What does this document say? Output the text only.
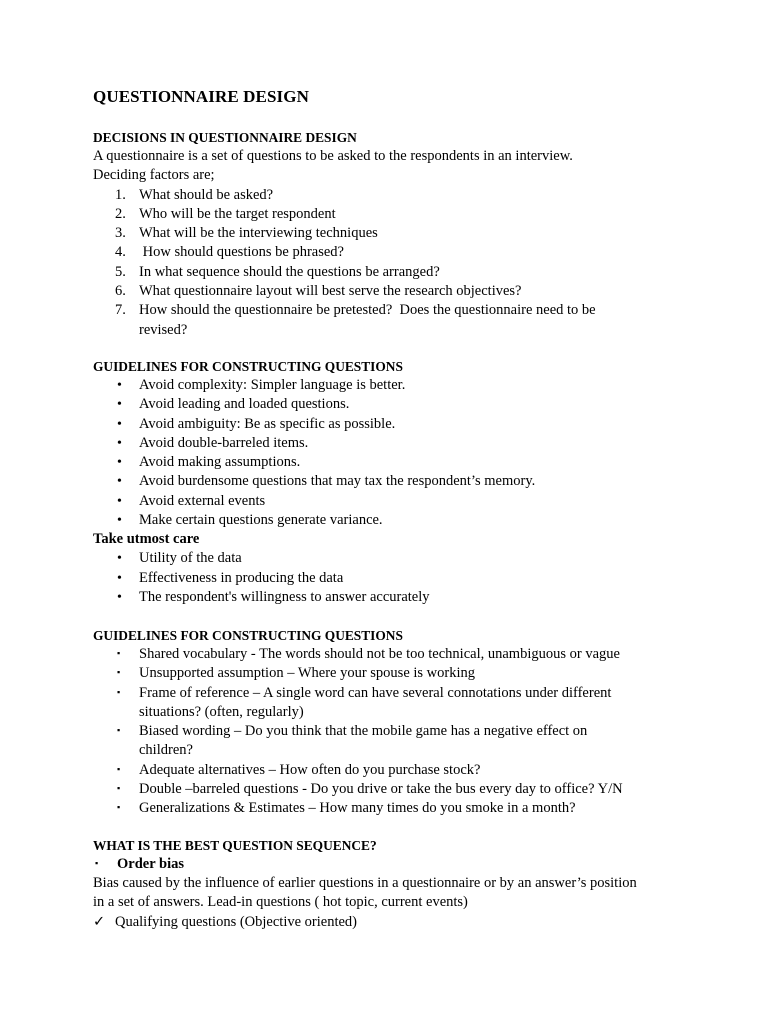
QUESTIONNAIRE DESIGN
DECISIONS IN QUESTIONNAIRE DESIGN
A questionnaire is a set of questions to be asked to the respondents in an interview.
Deciding factors are;
1. What should be asked?
2. Who will be the target respondent
3. What will be the interviewing techniques
4. How should questions be phrased?
5. In what sequence should the questions be arranged?
6. What questionnaire layout will best serve the research objectives?
7. How should the questionnaire be pretested?  Does the questionnaire need to be
revised?
GUIDELINES FOR CONSTRUCTING QUESTIONS
•	Avoid complexity: Simpler language is better.
•	Avoid leading and loaded questions.
•	Avoid ambiguity: Be as specific as possible.
•	Avoid double-barreled items.
•	Avoid making assumptions.
•	Avoid burdensome questions that may tax the respondent’s memory.
•	Avoid external events
•	Make certain questions generate variance.
Take utmost care
•	Utility of the data
•	Effectiveness in producing the data
•	The respondent's willingness to answer accurately
GUIDELINES FOR CONSTRUCTING QUESTIONS
▪	Shared vocabulary - The words should not be too technical, unambiguous or vague
▪	Unsupported assumption – Where your spouse is working
▪	Frame of reference – A single word can have several connotations under different
situations? (often, regularly)
▪	Biased wording – Do you think that the mobile game has a negative effect on
children?
▪	Adequate alternatives – How often do you purchase stock?
▪	Double –barreled questions - Do you drive or take the bus every day to office? Y/N
▪	Generalizations & Estimates – How many times do you smoke in a month?
WHAT IS THE BEST QUESTION SEQUENCE?
▪ Order bias
Bias caused by the influence of earlier questions in a questionnaire or by an answer’s position
in a set of answers. Lead-in questions ( hot topic, current events)
✓ Qualifying questions (Objective oriented)
